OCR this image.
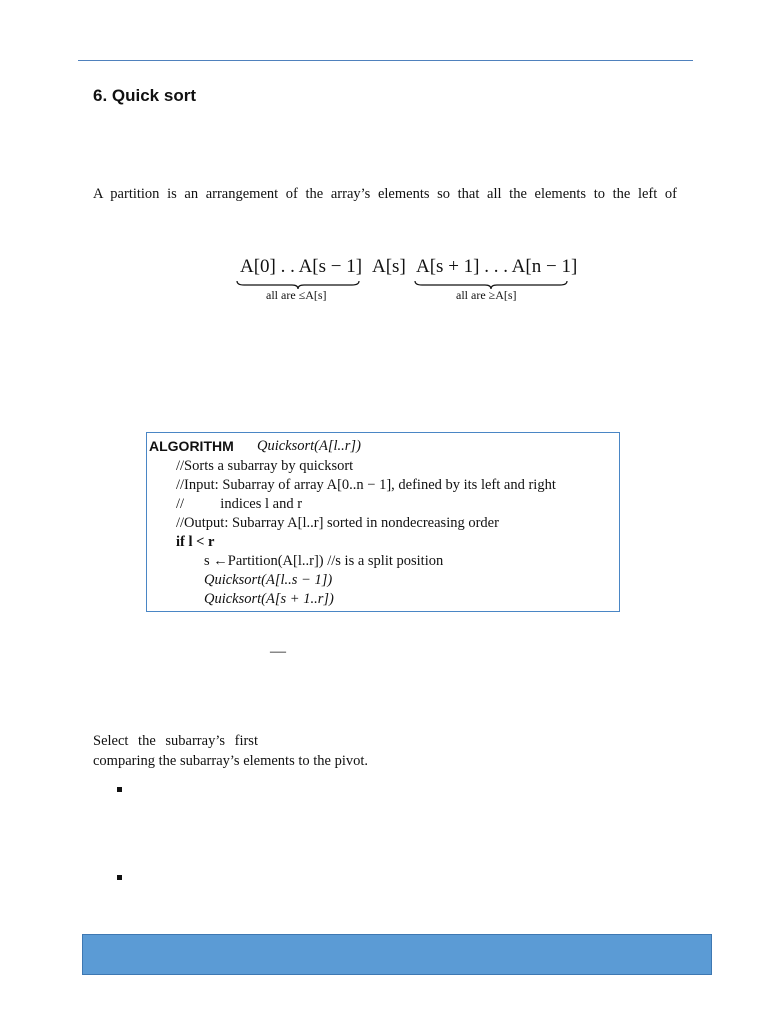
6. Quick sort
A partition is an arrangement of the array’s elements so that all the elements to the left of
A[0] . . A[s − 1] A[s] A[s + 1] . . . A[n − 1]
all are ≤A[s]	all are ≥A[s]
ALGORITHM Quicksort(A[l..r])
//Sorts a subarray by quicksort
//Input: Subarray of array A[0..n − 1], defined by its left and right
//          indices l and r
//Output: Subarray A[l..r] sorted in nondecreasing order
if l < r
s ←Partition(A[l..r]) //s is a split position
Quicksort(A[l..s − 1])
Quicksort(A[s + 1..r])
—
Select the subarray’s first
comparing the subarray’s elements to the pivot.
